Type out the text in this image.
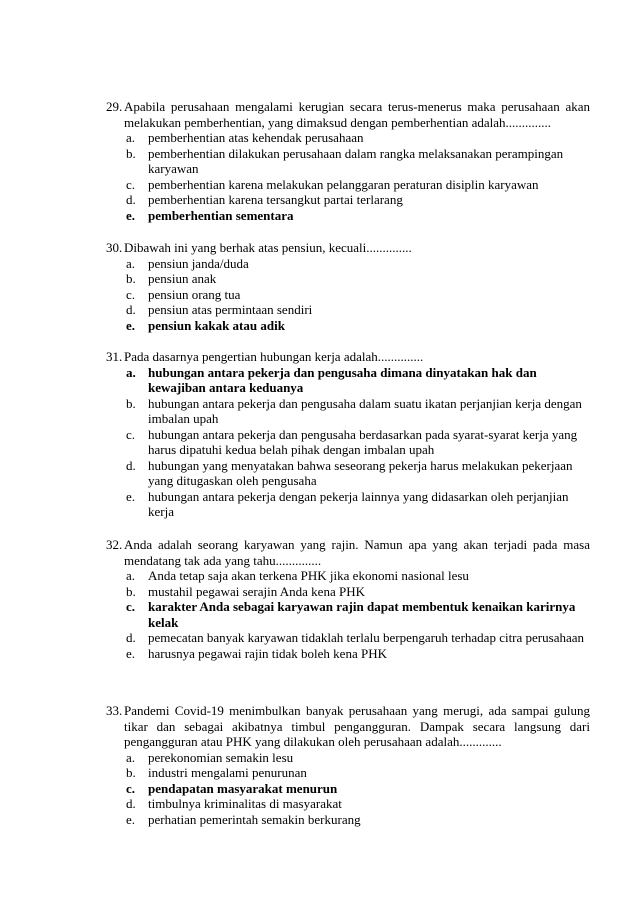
29. Apabila perusahaan mengalami kerugian secara terus-menerus maka perusahaan akan melakukan pemberhentian, yang dimaksud dengan pemberhentian adalah..............
a. pemberhentian atas kehendak perusahaan
b. pemberhentian dilakukan perusahaan dalam rangka melaksanakan perampingan karyawan
c. pemberhentian karena melakukan pelanggaran peraturan disiplin karyawan
d. pemberhentian karena tersangkut partai terlarang
e. pemberhentian sementara
30. Dibawah ini yang berhak atas pensiun, kecuali..............
a. pensiun janda/duda
b. pensiun anak
c. pensiun orang tua
d. pensiun atas permintaan sendiri
e. pensiun kakak atau adik
31. Pada dasarnya pengertian hubungan kerja adalah..............
a. hubungan antara pekerja dan pengusaha dimana dinyatakan hak dan kewajiban antara keduanya
b. hubungan antara pekerja dan pengusaha dalam suatu ikatan perjanjian kerja dengan imbalan upah
c. hubungan antara pekerja dan pengusaha berdasarkan pada syarat-syarat kerja yang harus dipatuhi kedua belah pihak dengan imbalan upah
d. hubungan yang menyatakan bahwa seseorang pekerja harus melakukan pekerjaan yang ditugaskan oleh pengusaha
e. hubungan antara pekerja dengan pekerja lainnya yang didasarkan oleh perjanjian kerja
32. Anda adalah seorang karyawan yang rajin. Namun apa yang akan terjadi pada masa mendatang tak ada yang tahu..............
a. Anda tetap saja akan terkena PHK jika ekonomi nasional lesu
b. mustahil pegawai serajin Anda kena PHK
c. karakter Anda sebagai karyawan rajin dapat membentuk kenaikan karirnya kelak
d. pemecatan banyak karyawan tidaklah terlalu berpengaruh terhadap citra perusahaan
e. harusnya pegawai rajin tidak boleh kena PHK
33. Pandemi Covid-19 menimbulkan banyak perusahaan yang merugi, ada sampai gulung tikar dan sebagai akibatnya timbul pengangguran. Dampak secara langsung dari pengangguran atau PHK yang dilakukan oleh perusahaan adalah.............
a. perekonomian semakin lesu
b. industri mengalami penurunan
c. pendapatan masyarakat menurun
d. timbulnya kriminalitas di masyarakat
e. perhatian pemerintah semakin berkurang
